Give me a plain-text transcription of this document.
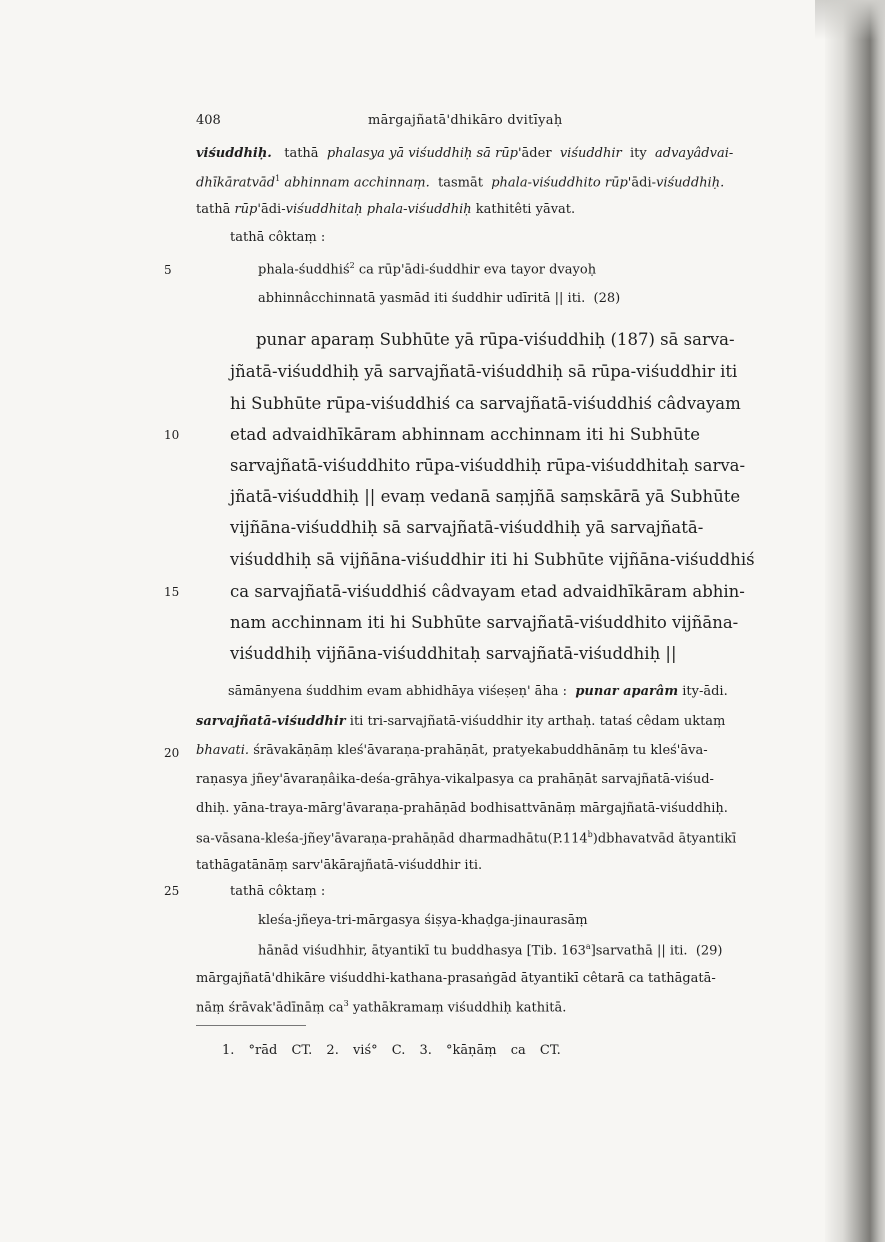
408	mārgajñatā'dhikāro dvitīyaḥ
5
10
15
20
25
viśuddhiḥ. tathā phalasya yā viśuddhiḥ sā rūp'āder viśuddhir ity advayâdvai-
dhīkāratvād$^1$ abhinnam acchinnaṃ. tasmāt phala-viśuddhito rūp'ādi-viśuddhiḥ.
tathā rūp'ādi-viśuddhitaḥ phala-viśuddhiḥ kathitêti yāvat.
tathā côktaṃ :
phala-śuddhiś$^2$ ca rūp'ādi-śuddhir eva tayor dvayoḥ
abhinnâcchinnatā yasmād iti śuddhir udīritā || iti. (28)
punar aparaṃ Subhūte yā rūpa-viśuddhiḥ (187) sā sarva-
jñatā-viśuddhiḥ yā sarvajñatā-viśuddhiḥ sā rūpa-viśuddhir iti
hi Subhūte rūpa-viśuddhiś ca sarvajñatā-viśuddhiś câdvayam
etad advaidhīkāram abhinnam acchinnam iti hi Subhūte
sarvajñatā-viśuddhito rūpa-viśuddhiḥ rūpa-viśuddhitaḥ sarva-
jñatā-viśuddhiḥ || evaṃ vedanā saṃjñā saṃskārā yā Subhūte
vijñāna-viśuddhiḥ sā sarvajñatā-viśuddhiḥ yā sarvajñatā-
viśuddhiḥ sā vijñāna-viśuddhir iti hi Subhūte vijñāna-viśuddhiś
ca sarvajñatā-viśuddhiś câdvayam etad advaidhīkāram abhin-
nam acchinnam iti hi Subhūte sarvajñatā-viśuddhito vijñāna-
viśuddhiḥ vijñāna-viśuddhitaḥ sarvajñatā-viśuddhiḥ ||
sāmānyena śuddhim evam abhidhāya viśeṣeṇ' āha : punar aparâm ity-ādi.
sarvajñatā-viśuddhir iti tri-sarvajñatā-viśuddhir ity arthaḥ. tataś cêdam uktaṃ
bhavati. śrāvakāṇāṃ kleś'āvaraṇa-prahāṇāt, pratyekabuddhānāṃ tu kleś'āva-
raṇasya jñey'āvaraṇâika-deśa-grāhya-vikalpasya ca prahāṇāt sarvajñatā-viśud-
dhiḥ. yāna-traya-mārg'āvaraṇa-prahāṇād bodhisattvānāṃ mārgajñatā-viśuddhiḥ.
sa-vāsana-kleśa-jñey'āvaraṇa-prahāṇād dharmadhātu(P.114$^b$)dbhavatvād ātyantikī
tathāgatānāṃ sarv'ākārajñatā-viśuddhir iti.
tathā côktaṃ :
kleśa-jñeya-tri-mārgasya śiṣya-khaḍga-jinaurasāṃ
hānād viśudhhir, ātyantikī tu buddhasya [Tib. 163$^a$]sarvathā || iti. (29)
mārgajñatā'dhikāre viśuddhi-kathana-prasaṅgād ātyantikī cêtarā ca tathāgatā-
nāṃ śrāvak'ādīnāṃ $ca^3$ yathākramaṃ viśuddhiḥ kathitā.
1. °rād CT. 2. viś° C. 3. °kāṇāṃ ca CT.
